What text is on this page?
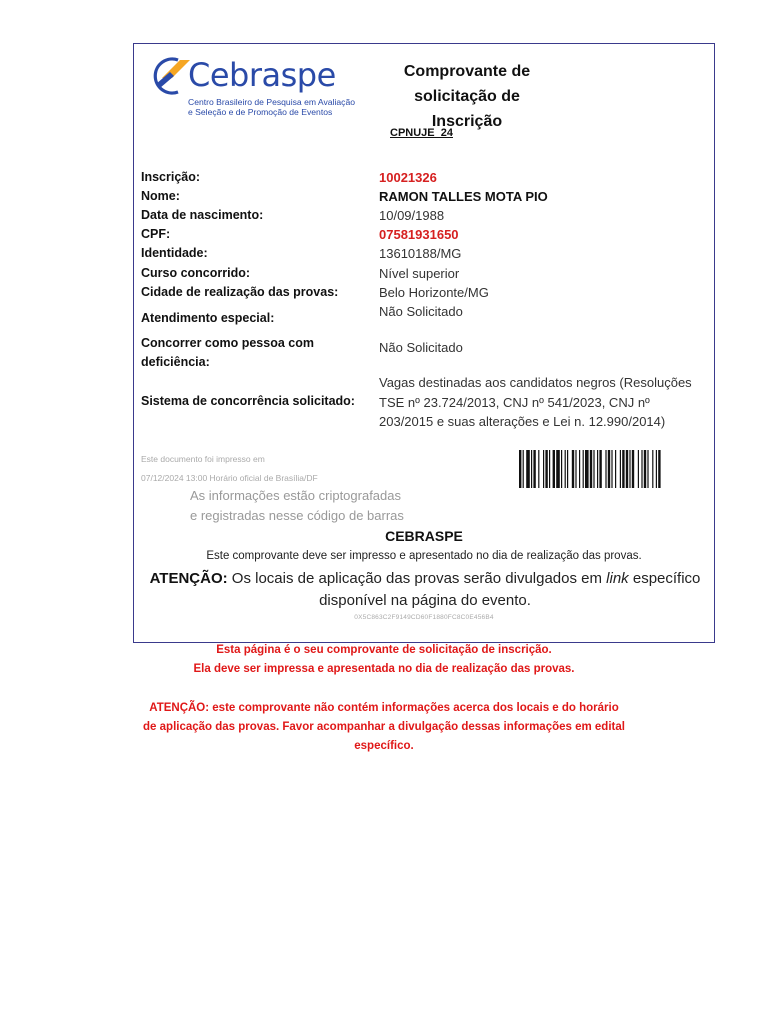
Cebraspe
Centro Brasileiro de Pesquisa em Avaliação
e Seleção e de Promoção de Eventos
Comprovante de solicitação de
Inscrição
CPNUJE_24
Inscrição:	10021326
Nome:	RAMON TALLES MOTA PIO
Data de nascimento:	10/09/1988
CPF:	07581931650
Identidade:	13610188/MG
Curso concorrido:	Nível superior
Cidade de realização das provas:	Belo Horizonte/MG
Atendimento especial:	Não Solicitado
Concorrer como pessoa com
deficiência:
Não Solicitado
Sistema de concorrência solicitado:
Vagas destinadas aos candidatos negros (Resoluções
TSE nº 23.724/2013, CNJ nº 541/2023, CNJ nº
203/2015 e suas alterações e Lei n. 12.990/2014)
Este documento foi impresso em
07/12/2024 13:00 Horário oficial de Brasília/DF
As informações estão criptografadas
e registradas nesse código de barras
CEBRASPE
Este comprovante deve ser impresso e apresentado no dia de realização das provas.
ATENÇÃO: Os locais de aplicação das provas serão divulgados em link específico
disponível na página do evento.
0X5C863C2F9149CD60F1880FC8C0E456B4
Esta página é o seu comprovante de solicitação de inscrição.
Ela deve ser impressa e apresentada no dia de realização das provas.
ATENÇÃO: este comprovante não contém informações acerca dos locais e do horário
de aplicação das provas. Favor acompanhar a divulgação dessas informações em edital
específico.
